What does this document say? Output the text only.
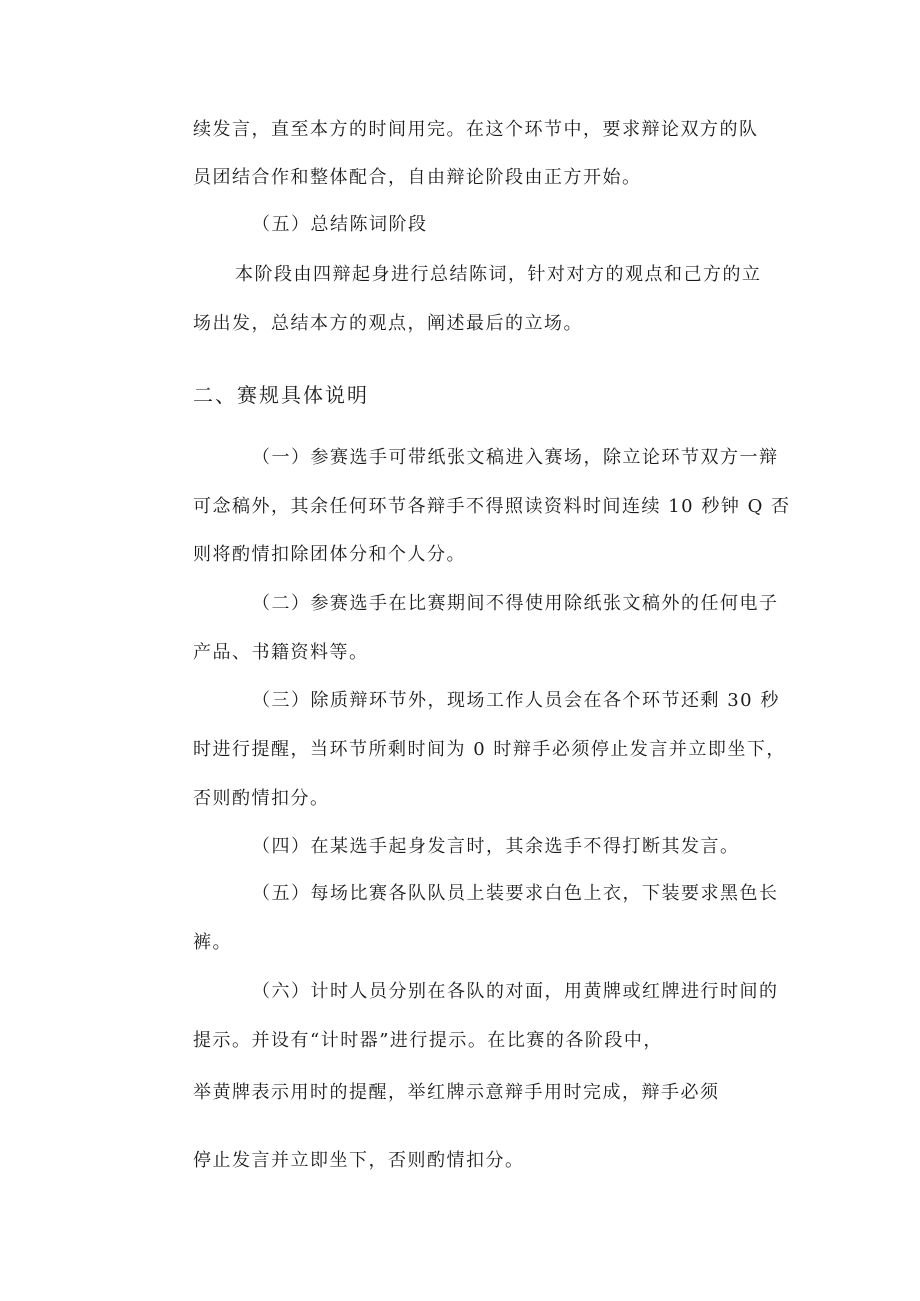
续发言，直至本方的时间用完。在这个环节中，要求辩论双方的队
员团结合作和整体配合，自由辩论阶段由正方开始。
（五）总结陈词阶段
本阶段由四辩起身进行总结陈词，针对对方的观点和己方的立
场出发，总结本方的观点，阐述最后的立场。
二、赛规具体说明
（一）参赛选手可带纸张文稿进入赛场，除立论环节双方一辩
可念稿外，其余任何环节各辩手不得照读资料时间连续 10 秒钟 Q 否
则将酌情扣除团体分和个人分。
（二）参赛选手在比赛期间不得使用除纸张文稿外的任何电子
产品、书籍资料等。
（三）除质辩环节外，现场工作人员会在各个环节还剩 30 秒
时进行提醒，当环节所剩时间为 0 时辩手必须停止发言并立即坐下，
否则酌情扣分。
（四）在某选手起身发言时，其余选手不得打断其发言。
（五）每场比赛各队队员上装要求白色上衣，下装要求黑色长
裤。
（六）计时人员分别在各队的对面，用黄牌或红牌进行时间的
提示。并设有“计时器”进行提示。在比赛的各阶段中，
举黄牌表示用时的提醒，举红牌示意辩手用时完成，辩手必须
停止发言并立即坐下，否则酌情扣分。
